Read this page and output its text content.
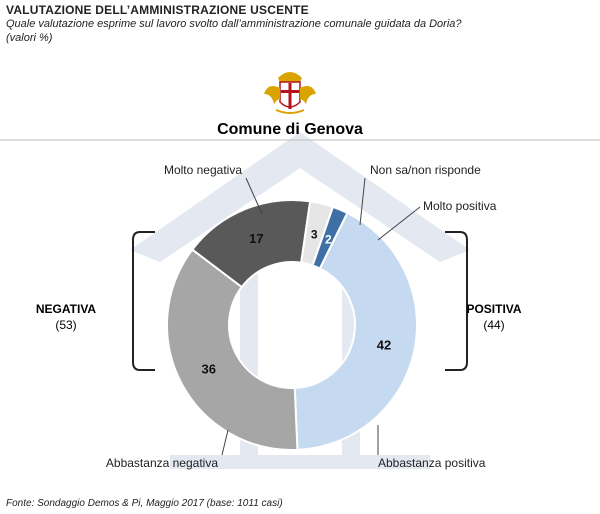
VALUTAZIONE DELL’AMMINISTRAZIONE USCENTE
Quale valutazione esprime sul lavoro svolto dall’amministrazione comunale guidata da Doria?
(valori %)
3 2
42
36
17
Non sa/non risponde
Molto positiva
Abbastanza positiva
Abbastanza negativa
Molto negativa
NEGATIVA
(53)
POSITIVA
(44)
Comune di Genova
Fonte: Sondaggio Demos & Pi, Maggio 2017 (base: 1011 casi)
